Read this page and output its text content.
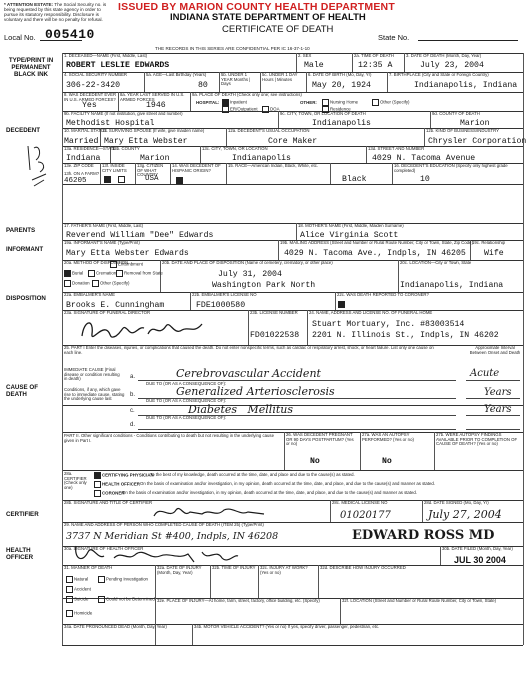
* ATTENTION ESTATE: The Social Security no. is being requested by this state agency in order to pursue its statutory responsibility. Disclosure is voluntary and there will be no penalty for refusal.
ISSUED BY MARION COUNTY HEALTH DEPARTMENT
INDIANA STATE DEPARTMENT OF HEALTH
CERTIFICATE OF DEATH
Local No. 005410	State No.
THE RECORDS IN THIS SERIES ARE CONFIDENTIAL PER IC 16-37-1-10
TYPE/PRINT IN PERMANENT BLACK INK
DECEDENT
PARENTS
INFORMANT
DISPOSITION
CAUSE OF DEATH
CERTIFIER
HEALTH OFFICER
1. DECEASED—NAME (First, Middle, Last)
ROBERT LESLIE EDWARDS
2. SEX
Male
2a. TIME OF DEATH
12:35 A
3. DATE OF DEATH (Month, Day, Year)
July 23, 2004
4. SOCIAL SECURITY NUMBER
306-22-3420
5a. AGE—Last Birthday (Years)
80
5b. UNDER 1 YEAR Months | Days
5c. UNDER 1 DAY Hours | Minutes
6. DATE OF BIRTH (Mo, Day, Yr)
May 20, 1924
7. BIRTHPLACE (City and State or Foreign Country)
Indianapolis, Indiana
8. WAS DECEDENT EVER IN U.S. ARMED FORCES?
Yes
8a. YEAR LAST SERVED IN U.S. ARMED FORCES
1946
9a. PLACE OF DEATH (Check only one; see instructions)
HOSPITAL:	Inpatient
ER/Outpatient	DOA
OTHER:	Nursing Home
Residence
Other (Specify)
9b. FACILITY NAME (If not institution, give street and number)
Methodist Hospital
9c. CITY, TOWN, OR LOCATION OF DEATH
Indianapolis
9d. COUNTY OF DEATH
Marion
10. MARITAL STATUS
Married
11. SURVIVING SPOUSE (If wife, give maiden name)
Mary Etta Webster
12a. DECEDENT'S USUAL OCCUPATION
Core Maker
12b. KIND OF BUSINESS/INDUSTRY
Chrysler Corporation
13a. RESIDENCE—STATE
Indiana
13b. COUNTY
Marion
13c. CITY, TOWN, OR LOCATION
Indianapolis
13d. STREET AND NUMBER
4029 N. Tacoma Avenue
13e. ZIP CODE
13h. ON A FARM?
46205
13f. INSIDE CITY LIMITS
13g. CITIZEN OF WHAT COUNTRY
USA
14. WAS DECEDENT OF HISPANIC ORIGIN?
15. RACE—American Indian, Black, White, etc.
Black
16. DECEDENT'S EDUCATION (Specify only highest grade completed)
10
17. FATHER'S NAME (First, Middle, Last)
Reverend William "Dee" Edwards
18. MOTHER'S NAME (First, Middle, Maiden Surname)
Alice Virginia Scott
19a. INFORMANT'S NAME (Type/Print)
Mary Etta Webster Edwards
19b. MAILING ADDRESS (Street and Number or Rural Route Number, City or Town, State, Zip Code)
4029 N. Tacoma Ave., Indpls, IN 46205
19c. Relationship
Wife
20a. METHOD OF DISPOSITION
Entombment
Burial	Cremation	Removal from State
Donation	Other (Specify)
20b. DATE AND PLACE OF DISPOSITION (Name of cemetery, crematory, or other place)
July 31, 2004
Washington Park North
20c. LOCATION—City or Town, State
Indianapolis, Indiana
22a. EMBALMER'S NAME
Brooks E. Cunningham
22b. EMBALMER'S LICENSE NO
FDE1000580
22c. WAS DEATH REPORTED TO CORONER?
23a. SIGNATURE OF FUNERAL DIRECTOR	23b. LICENSE NUMBER
FD01022538
24. NAME, ADDRESS AND LICENSE NO. OF FUNERAL HOME
Stuart Mortuary, Inc. #83003514
2201 N. Illinois St., Indpls, IN 46202
25. PART I Enter the diseases, injuries, or complications that caused the death. Do not enter nonspecific terms, such as cardiac or respiratory arrest, shock, or heart failure. List only one cause on each line.
Approximate Interval Between Onset and Death
IMMEDIATE CAUSE (Final disease or condition resulting in death)
Conditions, if any, which gave rise to immediate cause, stating the underlying cause last
a.	Cerebrovascular Accident	Acute
DUE TO (OR AS A CONSEQUENCE OF):
b.	Generalized Arteriosclerosis	Years
DUE TO (OR AS A CONSEQUENCE OF):
c.	Diabetes   Mellitus	Years
DUE TO (OR AS A CONSEQUENCE OF):
d.
PART II. Other significant conditions - Conditions contributing to death but not resulting in the underlying cause given in Part I.
26. WAS DECEDENT PREGNANT OR 90 DAYS POSTPARTUM? (Yes or no)
No
27a. WAS AN AUTOPSY PERFORMED? (Yes or no)
No
27b. WERE AUTOPSY FINDINGS AVAILABLE PRIOR TO COMPLETION OF CAUSE OF DEATH? (Yes or no)
28a. CERTIFIER (Check only one)
CERTIFYING PHYSICIAN
To the best of my knowledge, death occurred at the time, date, and place and due to the cause(s) as stated.
HEALTH OFFICER On the basis of examination and/or investigation, in my opinion, death occurred at the time, date, and place, and due to the cause(s) and manner as stated.
CORONER
On the basis of examination and/or investigation, in my opinion, death occurred at the time, date, and place, and due to the cause(s) and manner as stated.
28b. SIGNATURE AND TITLE OF CERTIFIER	28c. MEDICAL LICENSE NO
01020177
28d. DATE SIGNED (Mo, Day, Yr)
July 27, 2004
29. NAME AND ADDRESS OF PERSON WHO COMPLETED CAUSE OF DEATH (ITEM 25) (Type/Print)
3737 N Meridian St #400, Indpls, IN 46208	EDWARD ROSS MD
30a. SIGNATURE OF HEALTH OFFICER	30b. DATE FILED (Month, Day, Year)
JUL 30 2004
31. MANNER OF DEATH
Natural	Pending Investigation
Accident
Suicide	Could not be Determined
Homicide
32a. DATE OF INJURY (Month, Day, Year)
32b. TIME OF INJURY 32c. INJURY AT WORK? (Yes or no)
32d. DESCRIBE HOW INJURY OCCURRED
32e. PLACE OF INJURY—At home, farm, street, factory, office building, etc. (Specify)	32f. LOCATION (Street and Number or Rural Route Number, City or Town, State)
34a. DATE PRONOUNCED DEAD (Month, Day, Year)	34b. MOTOR VEHICLE ACCIDENT? (Yes or no) If yes, specify driver, passenger, pedestrian, etc.
